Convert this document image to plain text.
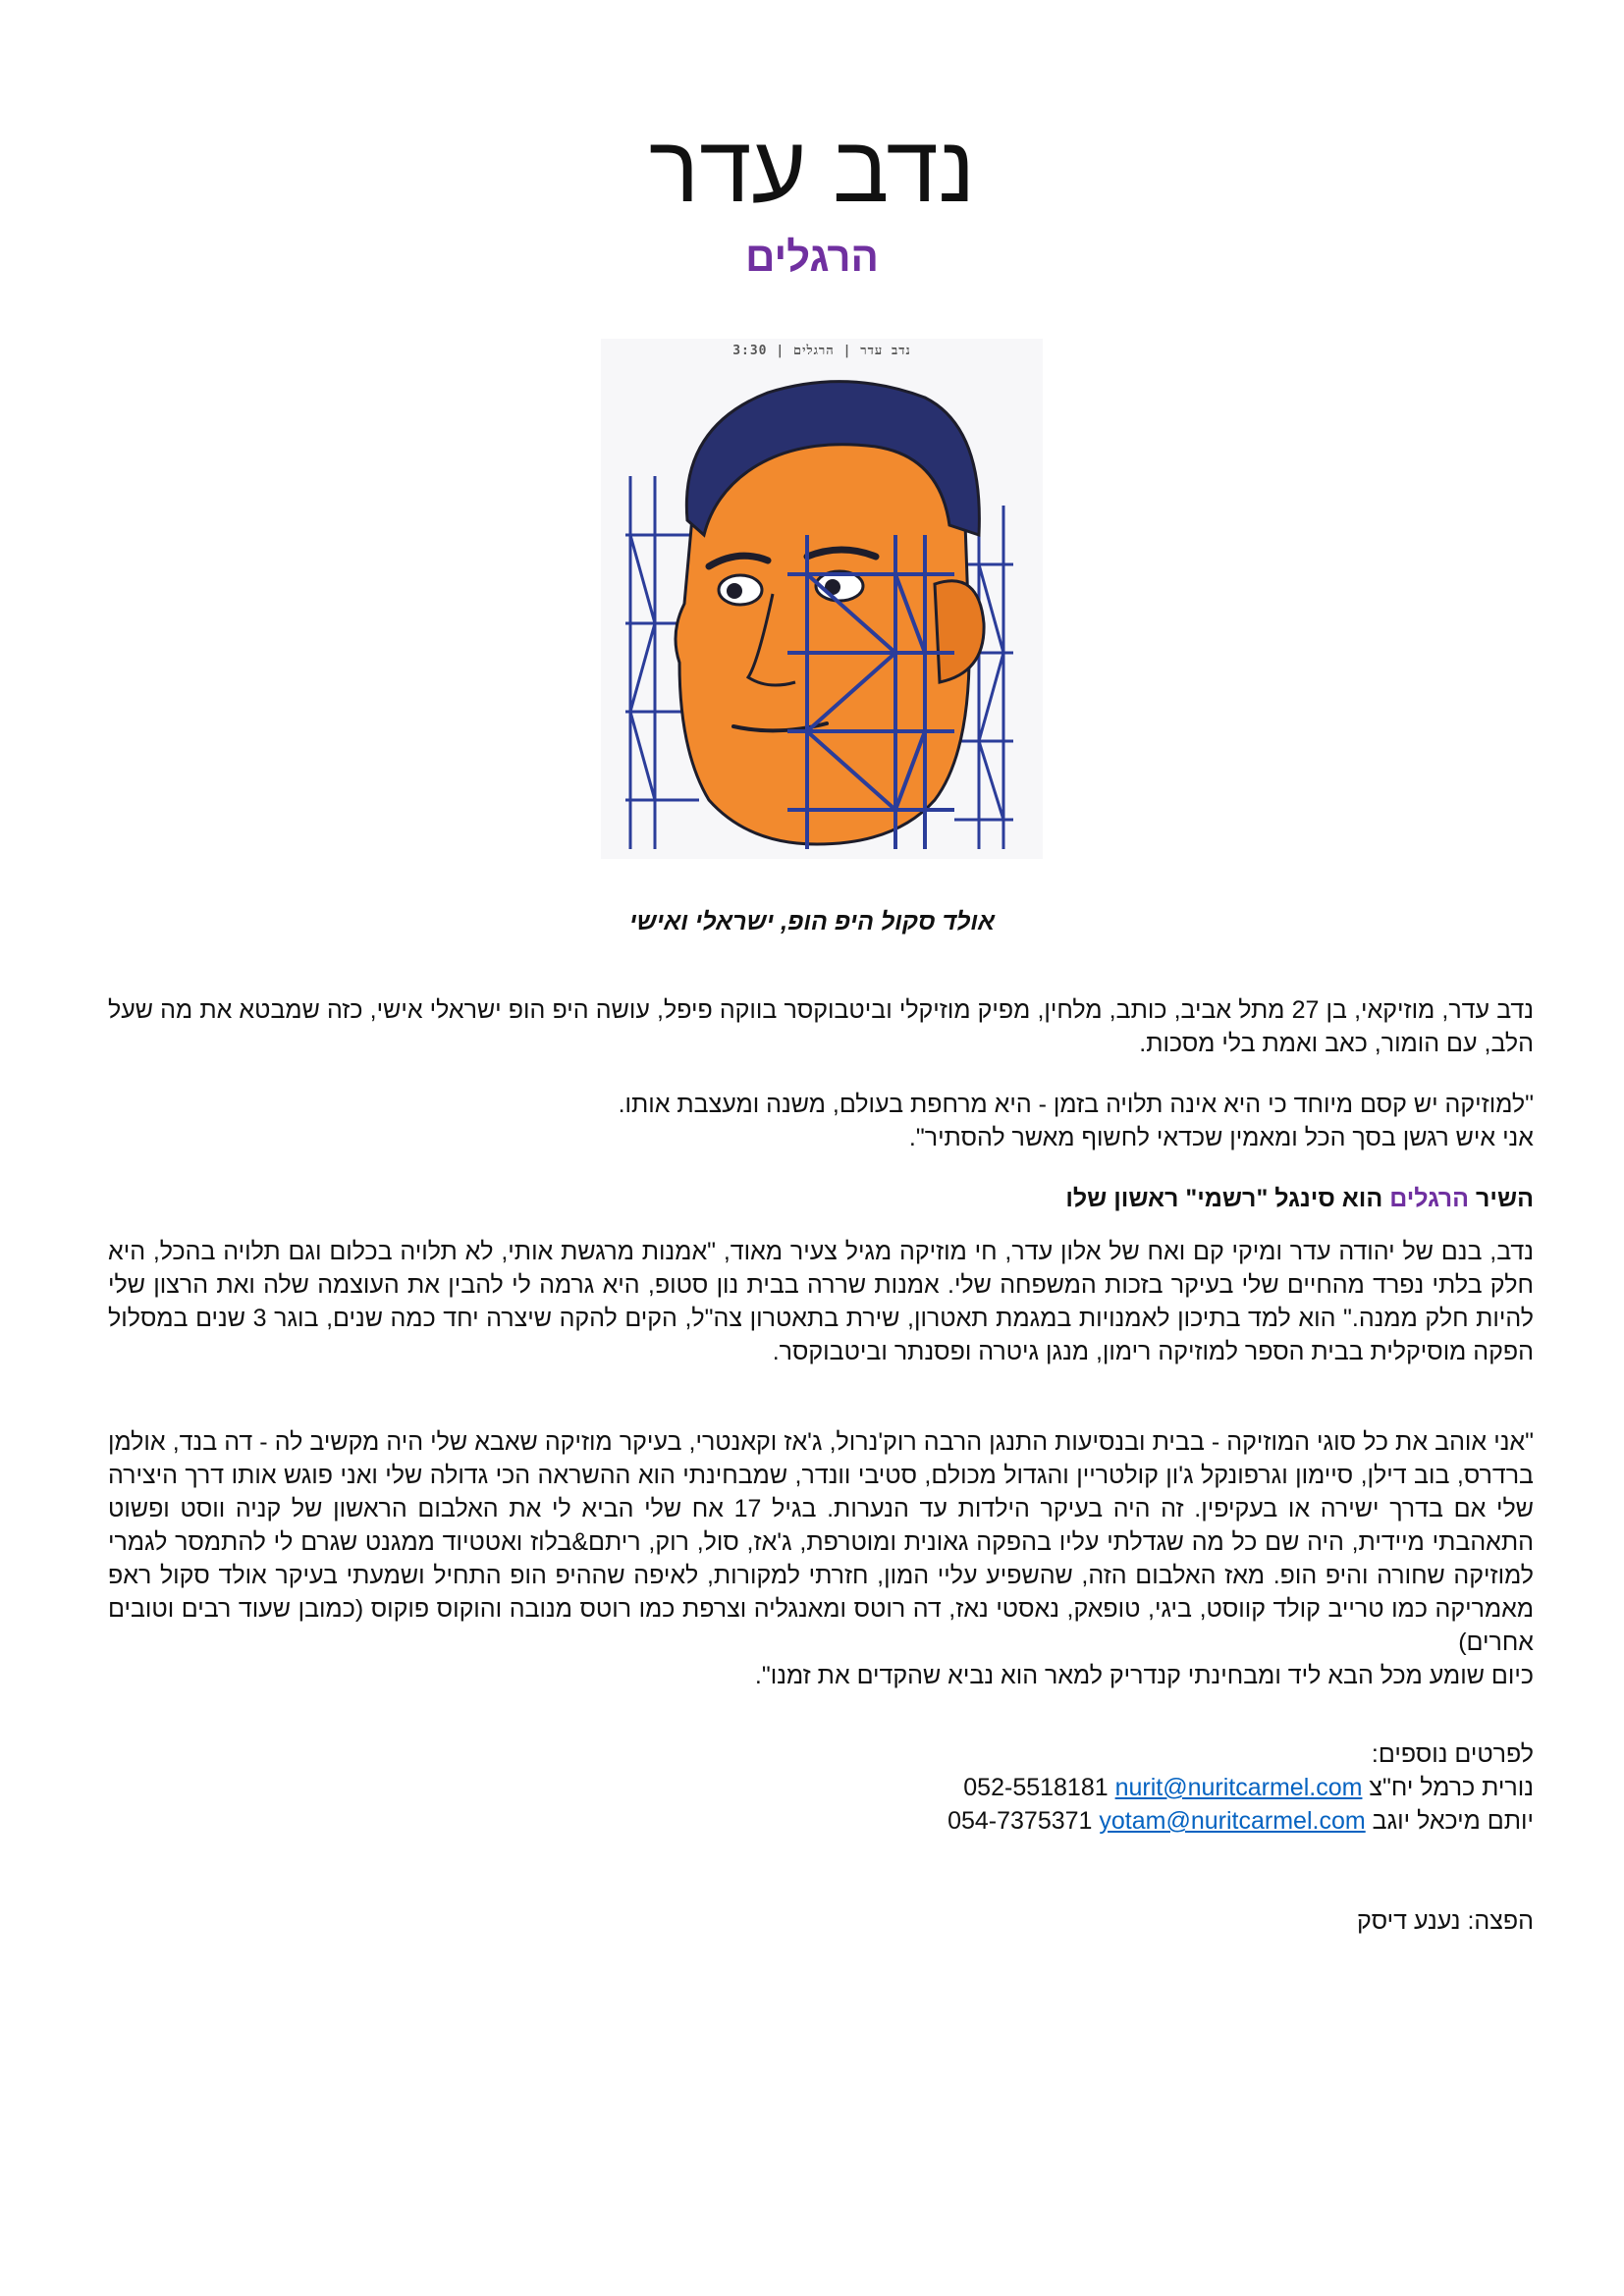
נדב עדר
הרגלים
3:30 | נדב עדר | הרגלים

אולד סקול היפ הופ, ישראלי ואישי

נדב עדר, מוזיקאי, בן 27 מתל אביב, כותב, מלחין, מפיק מוזיקלי וביטבוקסר בווקה פיפל, עושה היפ הופ ישראלי אישי, כזה שמבטא את מה שעל הלב, עם הומור, כאב ואמת בלי מסכות.

"למוזיקה יש קסם מיוחד כי היא אינה תלויה בזמן - היא מרחפת בעולם, משנה ומעצבת אותו.
אני איש רגשן בסך הכל ומאמין שכדאי לחשוף מאשר להסתיר".

השיר הרגלים הוא סינגל "רשמי" ראשון שלו

נדב, בנם של יהודה עדר ומיקי קם ואח של אלון עדר, חי מוזיקה מגיל צעיר מאוד, "אמנות מרגשת אותי, לא תלויה בכלום וגם תלויה בהכל, היא חלק בלתי נפרד מהחיים שלי בעיקר בזכות המשפחה שלי. אמנות שררה בבית נון סטופ, היא גרמה לי להבין את העוצמה שלה ואת הרצון שלי להיות חלק ממנה." הוא למד בתיכון לאמנויות במגמת תאטרון, שירת בתאטרון צה"ל, הקים להקה שיצרה יחד כמה שנים, בוגר 3 שנים במסלול הפקה מוסיקלית בבית הספר למוזיקה רימון, מנגן גיטרה ופסנתר וביטבוקסר.

"אני אוהב את כל סוגי המוזיקה - בבית ובנסיעות התנגן הרבה רוק'נרול, ג'אז וקאנטרי, בעיקר מוזיקה שאבא שלי היה מקשיב לה - דה בנד, אולמן ברדרס, בוב דילן, סיימון וגרפונקל ג'ון קולטריין והגדול מכולם, סטיבי וונדר, שמבחינתי הוא ההשראה הכי גדולה שלי ואני פוגש אותו דרך היצירה שלי אם בדרך ישירה או בעקיפין. זה היה בעיקר הילדות עד הנערות. בגיל 17 אח שלי הביא לי את האלבום הראשון של קניה ווסט ופשוט התאהבתי מיידית, היה שם כל מה שגדלתי עליו בהפקה גאונית ומוטרפת, ג'אז, סול, רוק, ריתם&בלוז ואטטיוד ממגנט שגרם לי להתמסר לגמרי למוזיקה שחורה והיפ הופ. מאז האלבום הזה, שהשפיע עליי המון, חזרתי למקורות, לאיפה שההיפ הופ התחיל ושמעתי בעיקר אולד סקול ראפ מאמריקה כמו טרייב קולד קווסט, ביגי, טופאק, נאסטי נאז, דה רוטס ומאנגליה וצרפת כמו רוטס מנובה והוקוס פוקוס (כמובן שעוד רבים וטובים אחרים)
כיום שומע מכל הבא ליד ומבחינתי קנדריק למאר הוא נביא שהקדים את זמנו".

לפרטים נוספים:

נורית כרמל יח"צ 052-5518181 nurit@nuritcarmel.com

יותם מיכאל יוגב 054-7375371 yotam@nuritcarmel.com

הפצה: נענע דיסק
